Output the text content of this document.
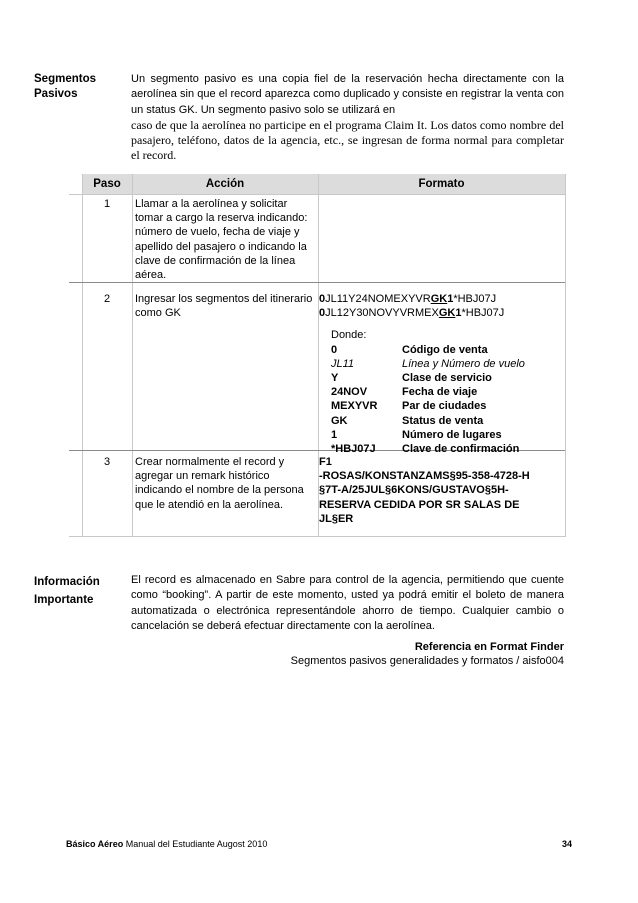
Segmentos
Pasivos

Un segmento pasivo es una copia fiel de la reservación hecha directamente con la aerolínea sin que el record aparezca como duplicado y consiste en registrar la venta con un status GK. Un segmento pasivo solo se utilizará en

caso de que la aerolínea no participe en el programa Claim It. Los datos como nombre del pasajero, teléfono, datos de la agencia, etc., se ingresan de forma normal para completar el record.

Paso	Acción	Formato
1	Llamar a la aerolínea y solicitar tomar a cargo la reserva indicando: número de vuelo, fecha de viaje y apellido del pasajero o indicando la clave de confirmación de la línea aérea.
2	Ingresar los segmentos del itinerario como GK
0JL11Y24NOMEXYVRGK1*HBJ07J
0JL12Y30NOVYVRMEXGK1*HBJ07J
Donde:
0	Código de venta
JL11	Línea y Número de vuelo
Y	Clase de servicio
24NOV	Fecha de viaje
MEXYVR	Par de ciudades
GK	Status de venta
1	Número de lugares
*HBJ07J	Clave de confirmación
3	Crear normalmente el record y agregar un remark histórico indicando el nombre de la persona que le atendió en la aerolínea.
F1
-ROSAS/KONSTANZAMS§95-358-4728-H
§7T-A/25JUL§6KONS/GUSTAVO§5H-
RESERVA CEDIDA POR SR SALAS DE
JL§ER
Información
Importante

El record es almacenado en Sabre para control de la agencia, permitiendo que cuente como “booking”. A partir de este momento, usted ya podrá emitir el boleto de manera automatizada o electrónica representándole ahorro de tiempo. Cualquier cambio o cancelación se deberá efectuar directamente con la aerolínea.

Referencia en Format Finder
Segmentos pasivos generalidades y formatos / aisfo004
Básico Aéreo Manual del Estudiante Augost 2010	34
